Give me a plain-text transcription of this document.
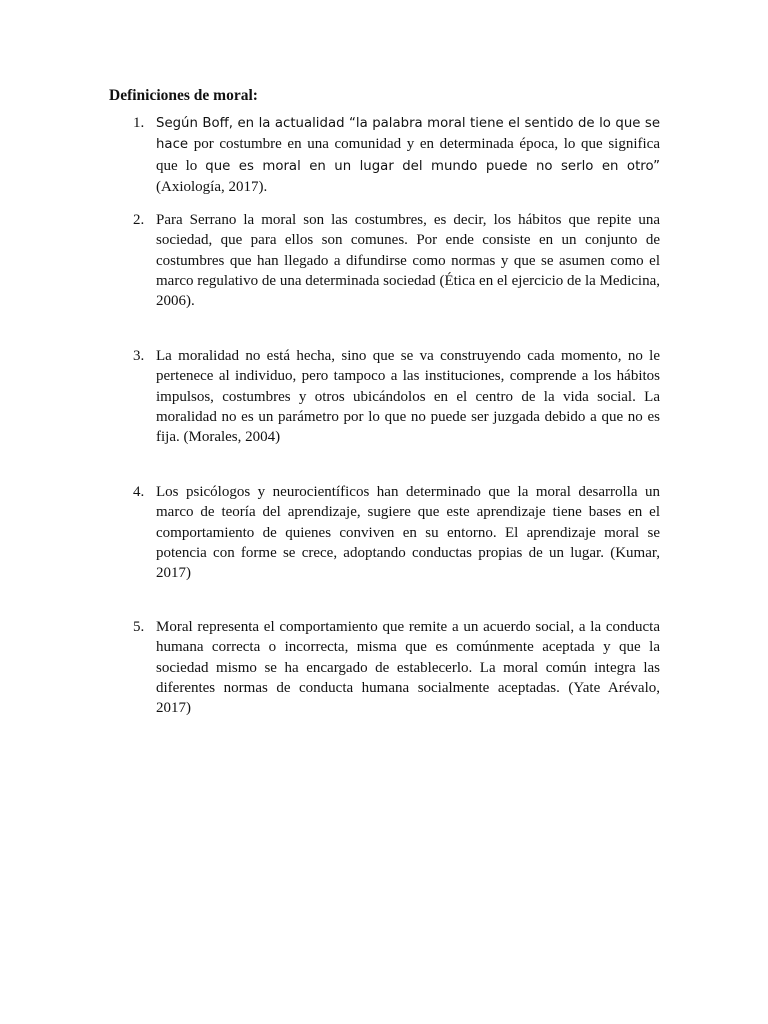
Definiciones de moral:
1. Según Boff, en la actualidad “la palabra moral tiene el sentido de lo que se hace por costumbre en una comunidad y en determinada época, lo que significa que lo que es moral en un lugar del mundo puede no serlo en otro” (Axiología, 2017).
2. Para Serrano la moral son las costumbres, es decir, los hábitos que repite una sociedad, que para ellos son comunes. Por ende consiste en un conjunto de costumbres que han llegado a difundirse como normas y que se asumen como el marco regulativo de una determinada sociedad (Ética en el ejercicio de la Medicina, 2006).
3. La moralidad no está hecha, sino que se va construyendo cada momento, no le pertenece al individuo, pero tampoco a las instituciones, comprende a los hábitos impulsos, costumbres y otros ubicándolos en el centro de la vida social. La moralidad no es un parámetro por lo que no puede ser juzgada debido a que no es fija. (Morales, 2004)
4. Los psicólogos y neurocientíficos han determinado que la moral desarrolla un marco de teoría del aprendizaje, sugiere que este aprendizaje tiene bases en el comportamiento de quienes conviven en su entorno. El aprendizaje moral se potencia con forme se crece, adoptando conductas propias de un lugar. (Kumar, 2017)
5. Moral representa el comportamiento que remite a un acuerdo social, a la conducta humana correcta o incorrecta, misma que es comúnmente aceptada y que la sociedad mismo se ha encargado de establecerlo. La moral común integra las diferentes normas de conducta humana socialmente aceptadas. (Yate Arévalo, 2017)
